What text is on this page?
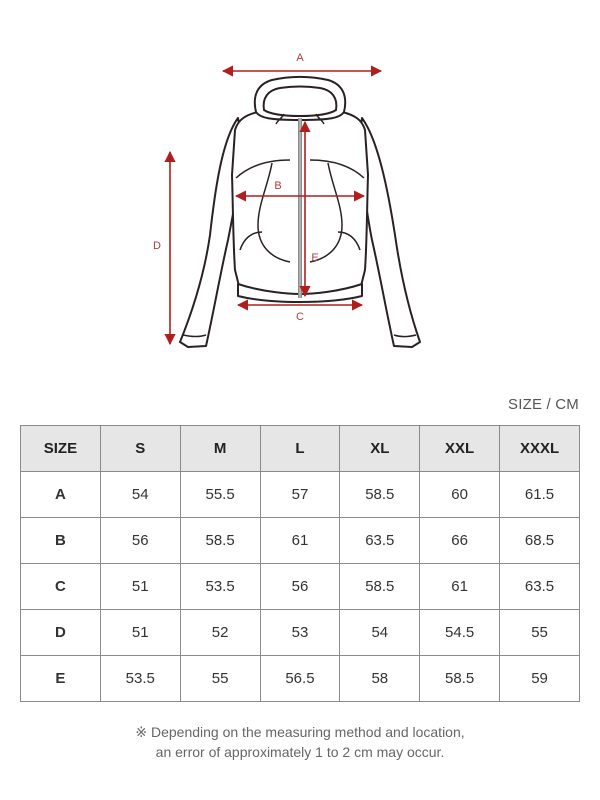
A
B
C
D
E
SIZE / CM
SIZE	S	M	L	XL	XXL	XXXL
A	54	55.5	57	58.5	60	61.5
B	56	58.5	61	63.5	66	68.5
C	51	53.5	56	58.5	61	63.5
D	51	52	53	54	54.5	55
E	53.5	55	56.5	58	58.5	59
※ Depending on the measuring method and location,
an error of approximately 1 to 2 cm may occur.
